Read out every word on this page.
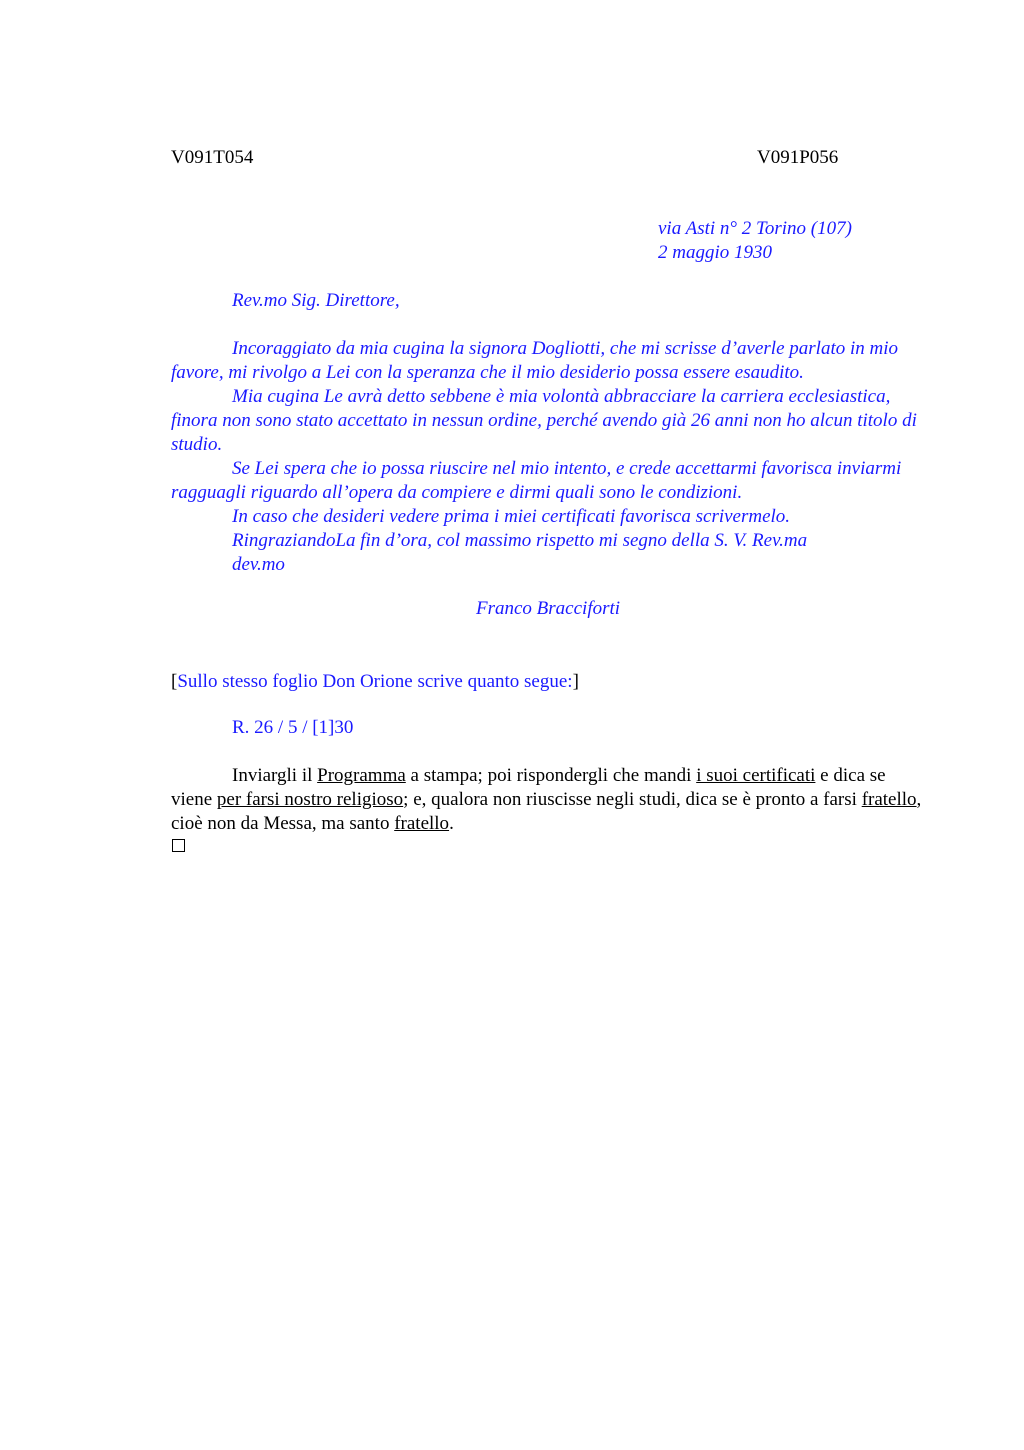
V091T054	V091P056
via Asti n° 2 Torino (107)
2 maggio 1930
Rev.mo Sig. Direttore,

Incoraggiato da mia cugina la signora Dogliotti, che mi scrisse d’averle parlato in mio favore, mi rivolgo a Lei con la speranza che il mio desiderio possa essere esaudito.

Mia cugina Le avrà detto sebbene è mia volontà abbracciare la carriera ecclesiastica, finora non sono stato accettato in nessun ordine, perché avendo già 26 anni non ho alcun titolo di studio.

Se Lei spera che io possa riuscire nel mio intento, e crede accettarmi favorisca inviarmi ragguagli riguardo all’opera da compiere e dirmi quali sono le condizioni.

In caso che desideri vedere prima i miei certificati favorisca scrivermelo.

RingraziandoLa fin d’ora, col massimo rispetto mi segno della S. V. Rev.ma

dev.mo

Franco Bracciforti
[Sullo stesso foglio Don Orione scrive quanto segue:]
R. 26 / 5 / [1]30

Inviargli il Programma a stampa; poi rispondergli che mandi i suoi certificati e dica se viene per farsi nostro religioso; e, qualora non riuscisse negli studi, dica se è pronto a farsi fratello, cioè non da Messa, ma santo fratello.
